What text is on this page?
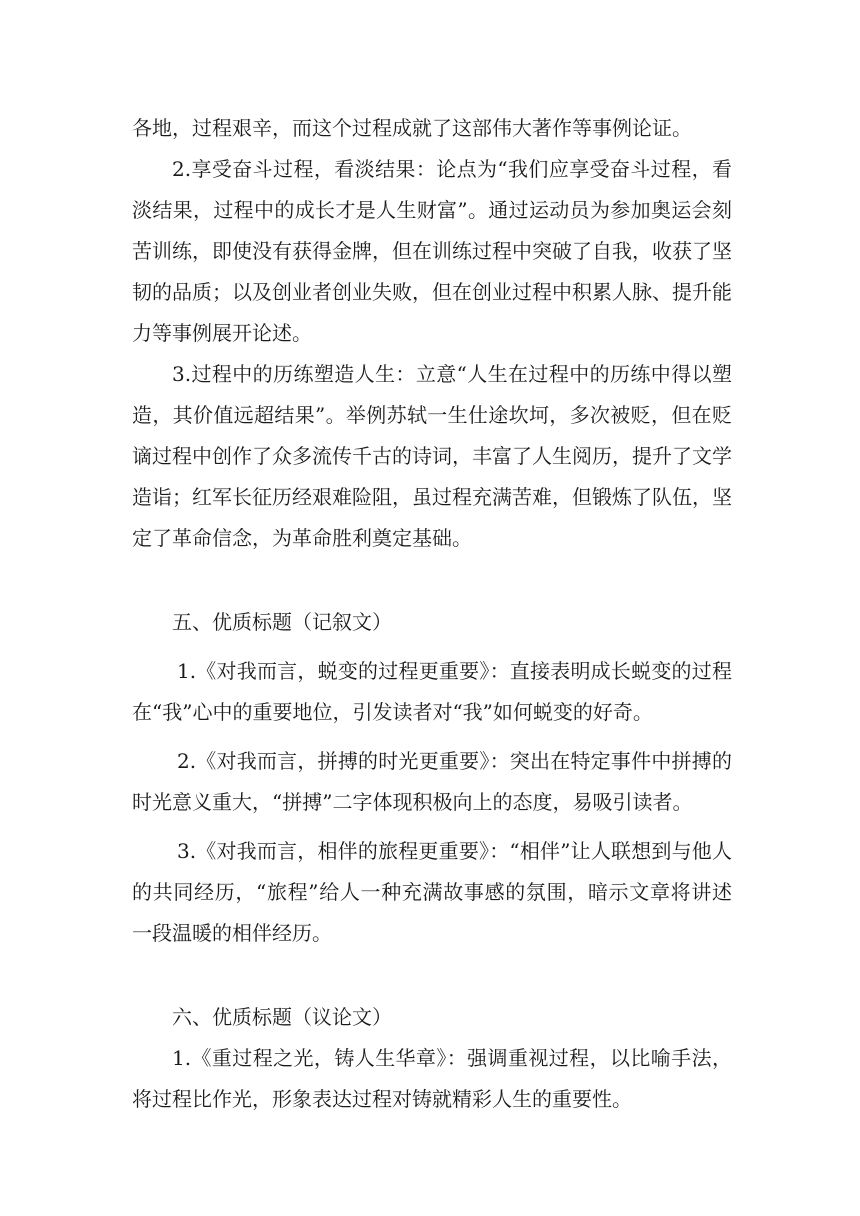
各地，过程艰辛，而这个过程成就了这部伟大著作等事例论证。

2.享受奋斗过程，看淡结果：论点为“我们应享受奋斗过程，看淡结果，过程中的成长才是人生财富”。通过运动员为参加奥运会刻苦训练，即使没有获得金牌，但在训练过程中突破了自我，收获了坚韧的品质；以及创业者创业失败，但在创业过程中积累人脉、提升能力等事例展开论述。

3.过程中的历练塑造人生：立意“人生在过程中的历练中得以塑造，其价值远超结果”。举例苏轼一生仕途坎坷，多次被贬，但在贬谪过程中创作了众多流传千古的诗词，丰富了人生阅历，提升了文学造诣；红军长征历经艰难险阻，虽过程充满苦难，但锻炼了队伍，坚定了革命信念，为革命胜利奠定基础。

五、优质标题（记叙文）

1.《对我而言，蜕变的过程更重要》：直接表明成长蜕变的过程在“我”心中的重要地位，引发读者对“我”如何蜕变的好奇。

2.《对我而言，拼搏的时光更重要》：突出在特定事件中拼搏的时光意义重大，“拼搏”二字体现积极向上的态度，易吸引读者。

3.《对我而言，相伴的旅程更重要》：“相伴”让人联想到与他人的共同经历，“旅程”给人一种充满故事感的氛围，暗示文章将讲述一段温暖的相伴经历。

六、优质标题（议论文）

1.《重过程之光，铸人生华章》：强调重视过程，以比喻手法，将过程比作光，形象表达过程对铸就精彩人生的重要性。
